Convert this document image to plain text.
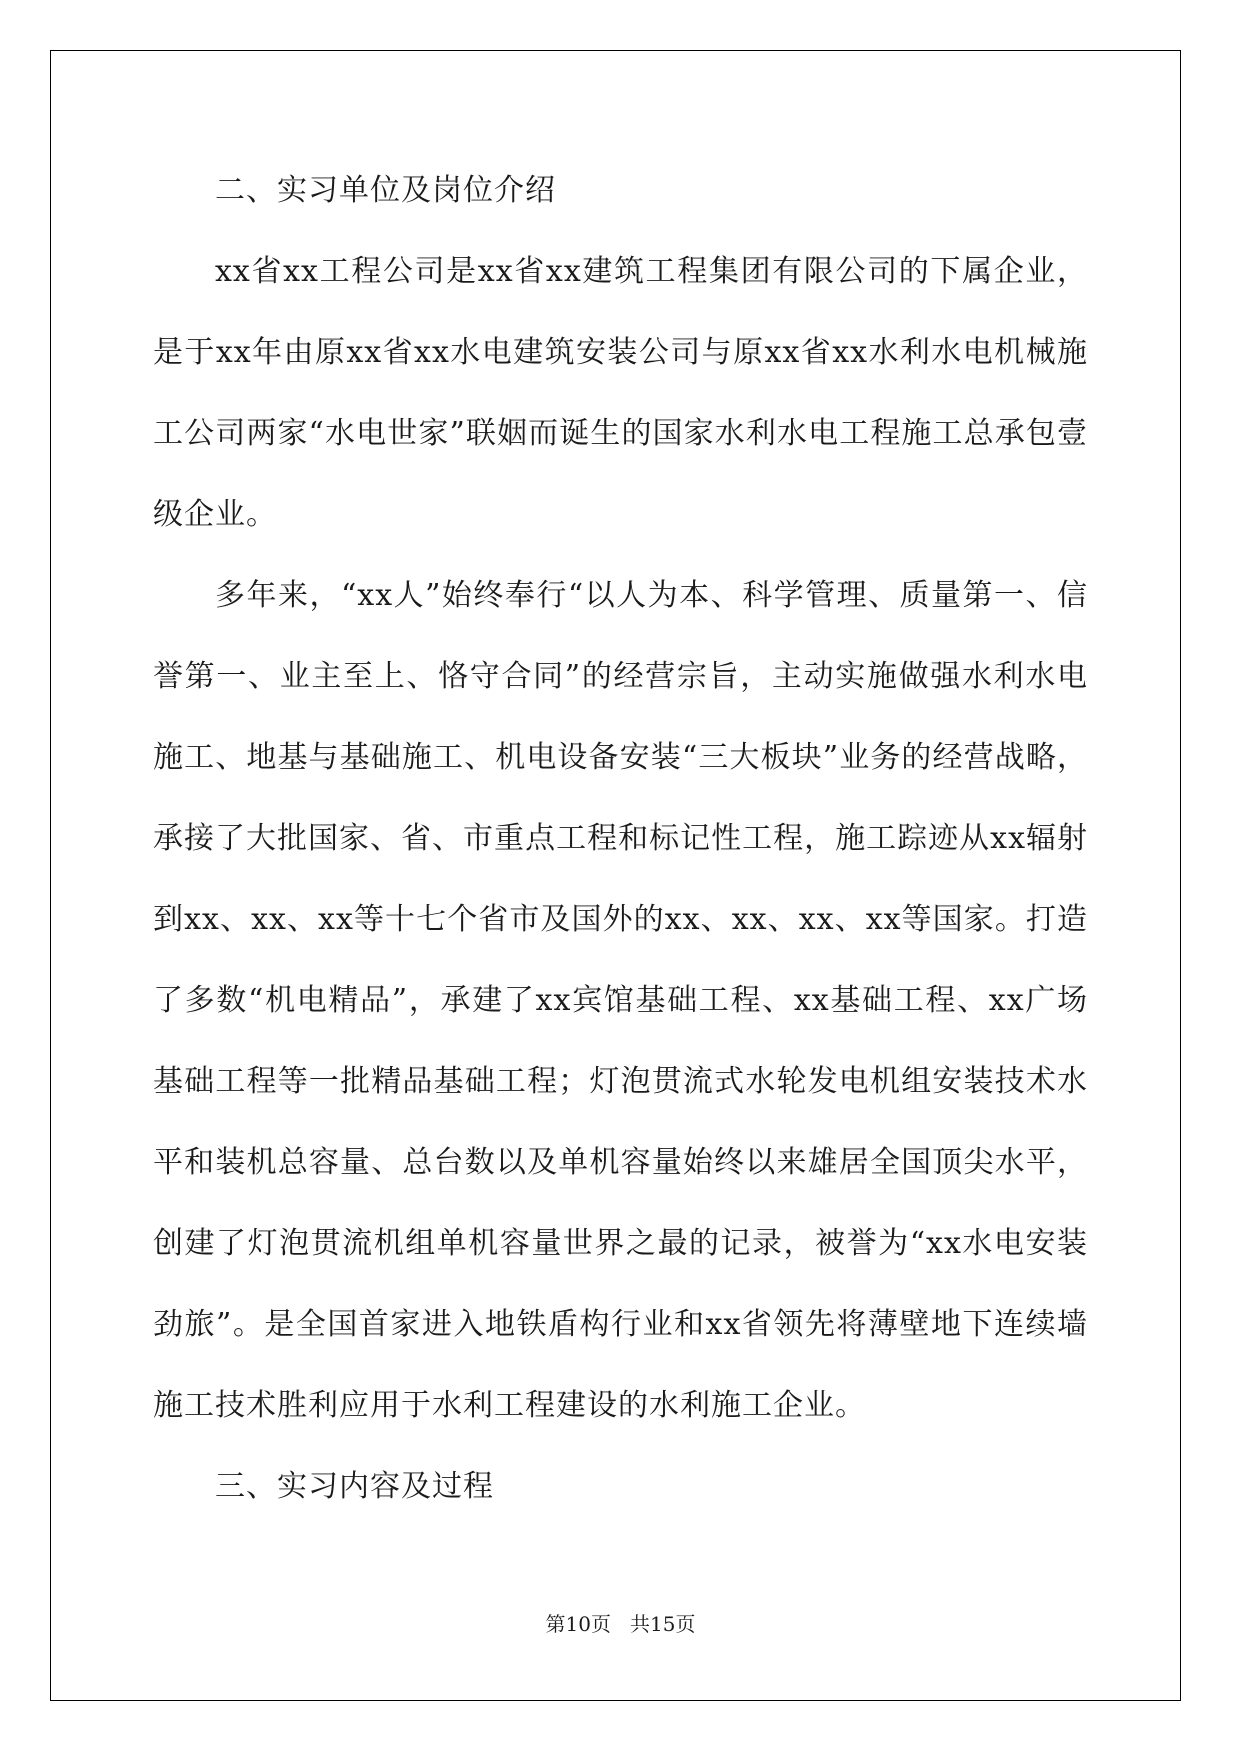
二、实习单位及岗位介绍

xx省xx工程公司是xx省xx建筑工程集团有限公司的下属企业，是于xx年由原xx省xx水电建筑安装公司与原xx省xx水利水电机械施工公司两家“水电世家”联姻而诞生的国家水利水电工程施工总承包壹级企业。

多年来，“xx人”始终奉行“以人为本、科学管理、质量第一、信誉第一、业主至上、恪守合同”的经营宗旨，主动实施做强水利水电施工、地基与基础施工、机电设备安装“三大板块”业务的经营战略，承接了大批国家、省、市重点工程和标记性工程，施工踪迹从xx辐射到xx、xx、xx等十七个省市及国外的xx、xx、xx、xx等国家。打造了多数“机电精品”，承建了xx宾馆基础工程、xx基础工程、xx广场基础工程等一批精品基础工程；灯泡贯流式水轮发电机组安装技术水平和装机总容量、总台数以及单机容量始终以来雄居全国顶尖水平，创建了灯泡贯流机组单机容量世界之最的记录，被誉为“xx水电安装劲旅”。是全国首家进入地铁盾构行业和xx省领先将薄壁地下连续墙施工技术胜利应用于水利工程建设的水利施工企业。

三、实习内容及过程

第10页   共15页
